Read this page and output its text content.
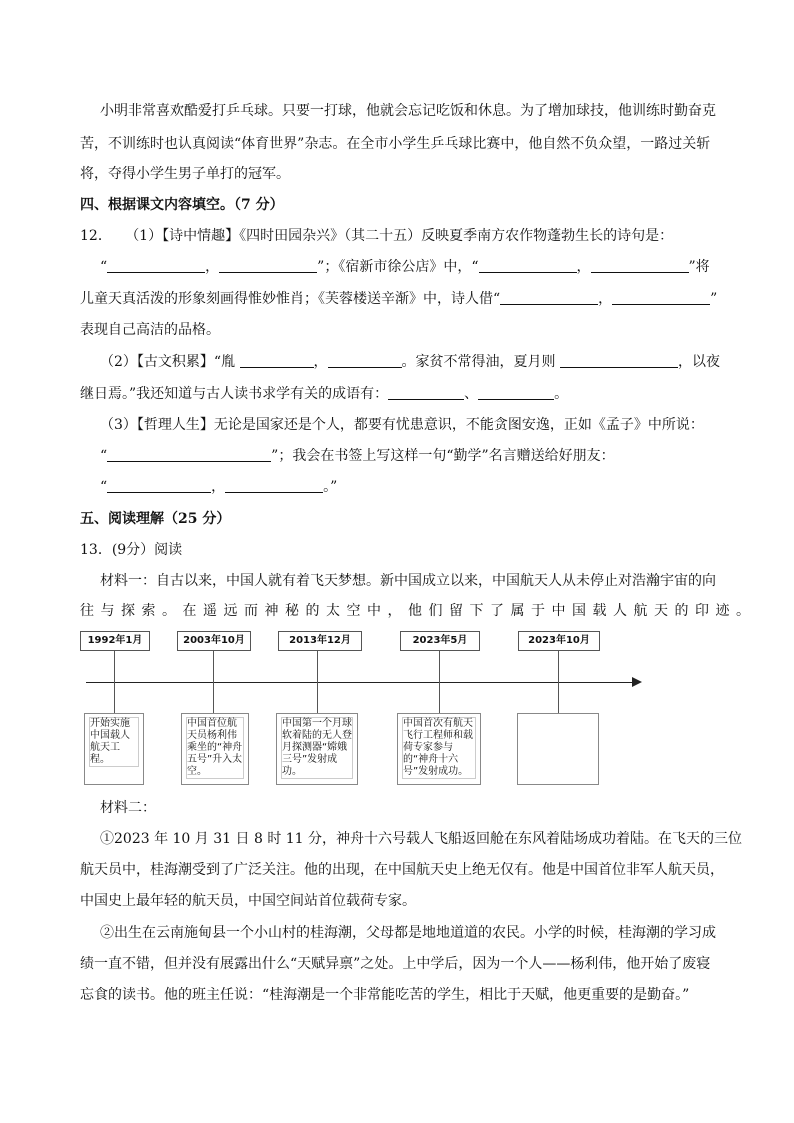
小明非常喜欢酷爱打乒乓球。只要一打球，他就会忘记吃饭和休息。为了增加球技，他训练时勤奋克
苦，不训练时也认真阅读“体育世界”杂志。在全市小学生乒乓球比赛中，他自然不负众望，一路过关斩
将，夺得小学生男子单打的冠军。
四、根据课文内容填空。（7 分）
12． （1）【诗中情趣】《四时田园杂兴》（其二十五）反映夏季南方农作物蓬勃生长的诗句是：
“	，	”；《宿新市徐公店》中，“	，	”将
儿童天真活泼的形象刻画得惟妙惟肖；《芙蓉楼送辛渐》中，诗人借“	，	”
表现自己高洁的品格。
（2）【古文积累】“胤	，	。家贫不常得油，夏月则	，以夜
继日焉。”我还知道与古人读书求学有关的成语有：	、	。
（3）【哲理人生】无论是国家还是个人，都要有忧患意识，不能贪图安逸，正如《孟子》中所说：
“	”；我会在书签上写这样一句“勤学”名言赠送给好朋友：
“	，	。”
五、阅读理解（25 分）
13．(9分）阅读
材料一：自古以来，中国人就有着飞天梦想。新中国成立以来，中国航天人从未停止对浩瀚宇宙的向
往与探索。在遥远而神秘的太空中，他们留下了属于中国载人航天的印迹。
1992年1月
开始实施中国载人航天工程。
2003年10月
中国首位航天员杨利伟乘坐的“神舟五号”升入太空。
2013年12月
中国第一个月球软着陆的无人登月探测器“嫦娥三号”发射成功。
2023年5月
中国首次有航天飞行工程师和载荷专家参与的“神舟十六号”发射成功。
2023年10月
材料二：
①2023 年 10 月 31 日 8 时 11 分，神舟十六号载人飞船返回舱在东风着陆场成功着陆。在飞天的三位
航天员中，桂海潮受到了广泛关注。他的出现，在中国航天史上绝无仅有。他是中国首位非军人航天员，
中国史上最年轻的航天员，中国空间站首位载荷专家。
②出生在云南施甸县一个小山村的桂海潮，父母都是地地道道的农民。小学的时候，桂海潮的学习成
绩一直不错，但并没有展露出什么“天赋异禀”之处。上中学后，因为一个人——杨利伟，他开始了废寝
忘食的读书。他的班主任说：“桂海潮是一个非常能吃苦的学生，相比于天赋，他更重要的是勤奋。”
